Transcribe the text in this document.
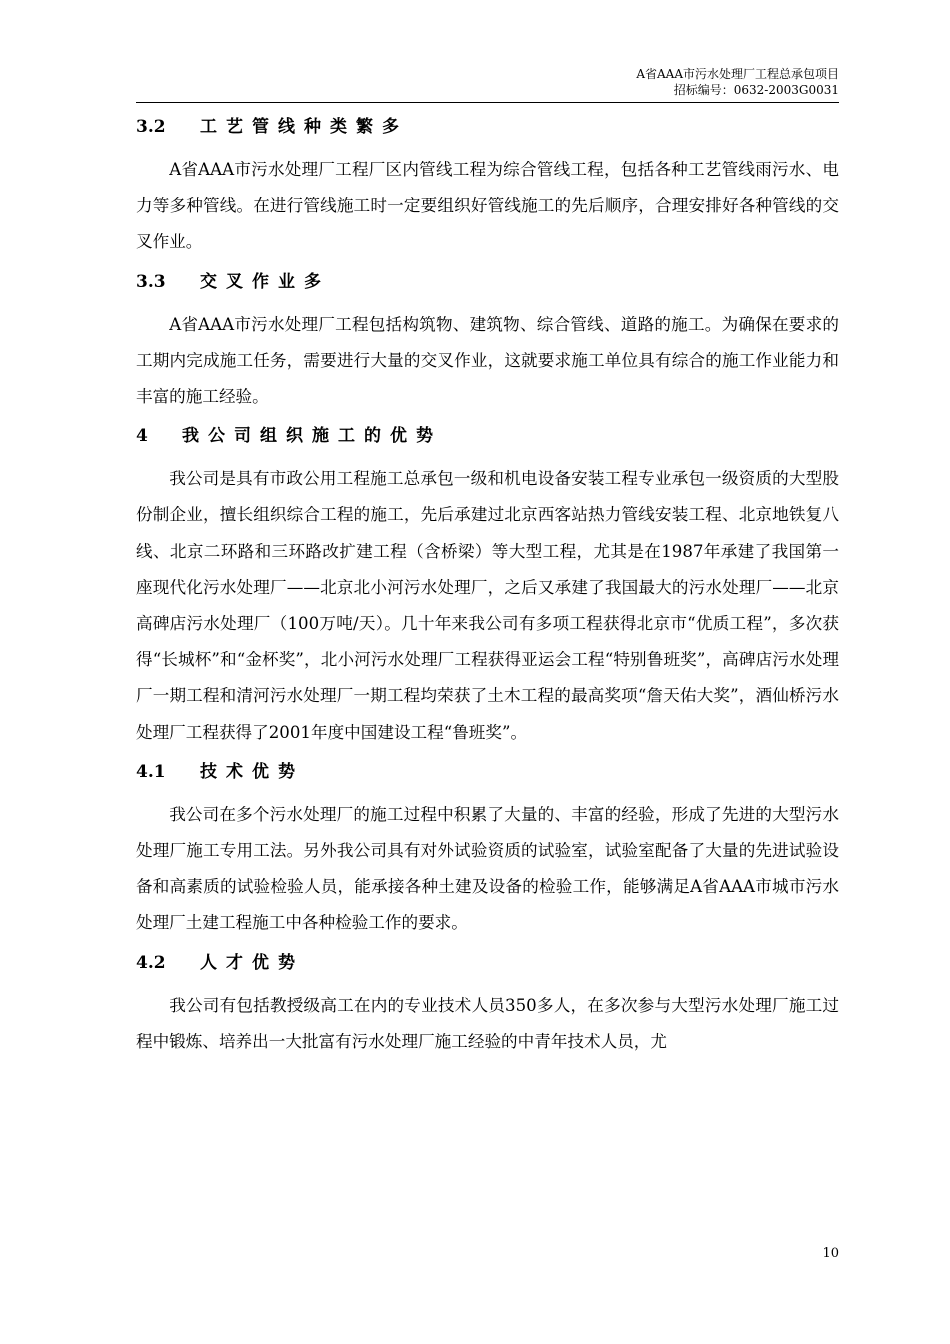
A省AAA市污水处理厂工程总承包项目
招标编号：0632-2003G0031
3.2 工艺管线种类繁多

A省AAA市污水处理厂工程厂区内管线工程为综合管线工程，包括各种工艺管线雨污水、电力等多种管线。在进行管线施工时一定要组织好管线施工的先后顺序，合理安排好各种管线的交叉作业。

3.3 交叉作业多

A省AAA市污水处理厂工程包括构筑物、建筑物、综合管线、道路的施工。为确保在要求的工期内完成施工任务，需要进行大量的交叉作业，这就要求施工单位具有综合的施工作业能力和丰富的施工经验。

4 我公司组织施工的优势

我公司是具有市政公用工程施工总承包一级和机电设备安装工程专业承包一级资质的大型股份制企业，擅长组织综合工程的施工，先后承建过北京西客站热力管线安装工程、北京地铁复八线、北京二环路和三环路改扩建工程（含桥梁）等大型工程，尤其是在1987年承建了我国第一座现代化污水处理厂——北京北小河污水处理厂，之后又承建了我国最大的污水处理厂——北京高碑店污水处理厂（100万吨/天）。几十年来我公司有多项工程获得北京市“优质工程”，多次获得“长城杯”和“金杯奖”，北小河污水处理厂工程获得亚运会工程“特别鲁班奖”，高碑店污水处理厂一期工程和清河污水处理厂一期工程均荣获了土木工程的最高奖项“詹天佑大奖”，酒仙桥污水处理厂工程获得了2001年度中国建设工程“鲁班奖”。

4.1 技术优势

我公司在多个污水处理厂的施工过程中积累了大量的、丰富的经验，形成了先进的大型污水处理厂施工专用工法。另外我公司具有对外试验资质的试验室，试验室配备了大量的先进试验设备和高素质的试验检验人员，能承接各种土建及设备的检验工作，能够满足A省AAA市城市污水处理厂土建工程施工中各种检验工作的要求。

4.2 人才优势

我公司有包括教授级高工在内的专业技术人员350多人，在多次参与大型污水处理厂施工过程中锻炼、培养出一大批富有污水处理厂施工经验的中青年技术人员，尤

10
